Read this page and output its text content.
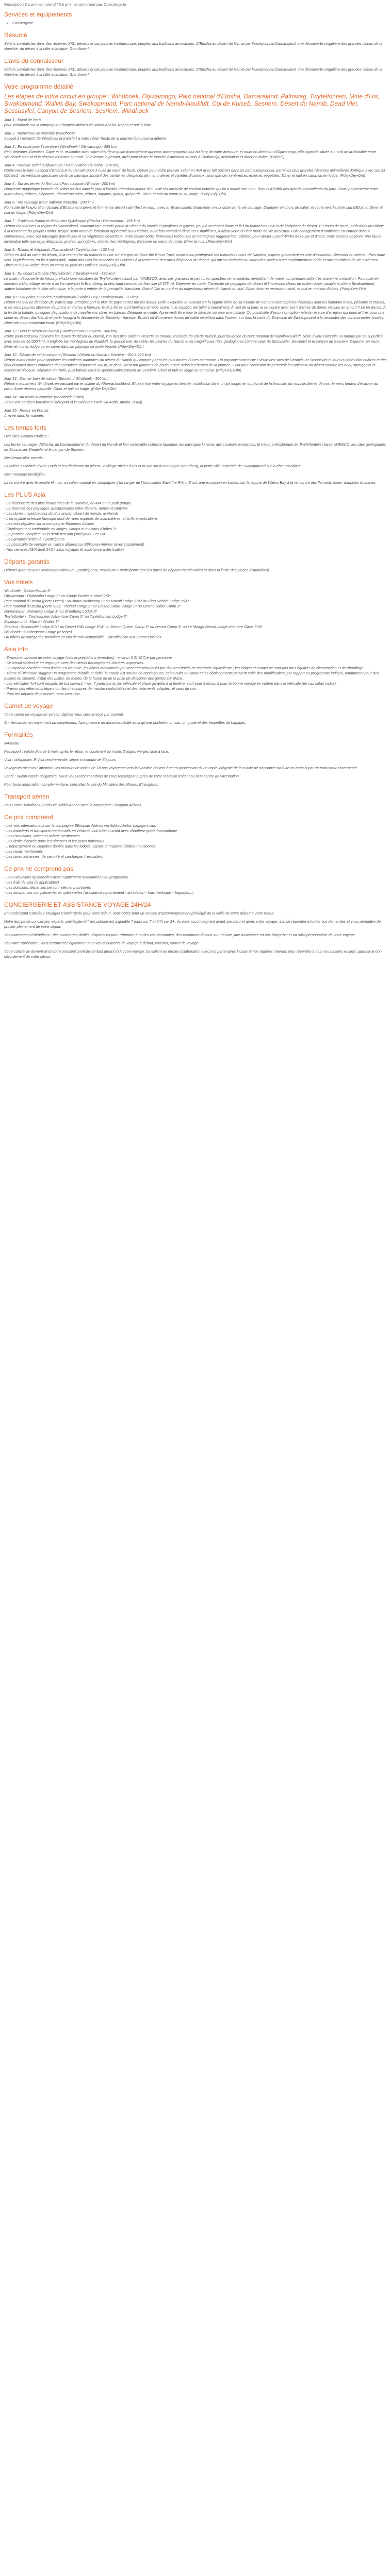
Description Ca prix comprend / Ce prix ne comprend pas Conciergerie
Services et équipements
• Conciergerie
Résumé

Safaris surréalistes dans des réserves XXL, déserts et canyons en kaléidoscope, peuples aux traditions ancestrales. D'Etosha au désert du Namib par l'exceptionnel Damaraland, une découverte singulière des grandes icônes de la Namibie, du désert à la côte atlantique. Grandiose !

L'avis du connaisseur

Safaris surréalistes dans des réserves XXL, déserts et canyons en kaléidoscope, peuples aux traditions ancestrales. D'Etosha au désert du Namib par l'exceptionnel Damaraland, une découverte singulière des grandes icônes de la Namibie, du désert à la côte atlantique. Grandiose !

Votre programme détaillé
Les étapes de votre circuit en groupe : Windhoek, Otjiwarongo, Parc national d'Etosha, Damaraland, Palmwag, Twyfelfontein, Mine d'Uis, Swakopmund, Walvis Bay, Swakopmund, Parc national de Namib-Naukluft, Col de Kuiseb, Sesriem, Désert du Namib, Dead Vlei, Sossusvlei, Canyon de Sesriem, Sesriem, Windhoek
Jour 1 : Envol de Paris
pour Windhoek sur la compagnie Ethiopian Airlines via Addis-Abeba. Repas et nuit à bord.
Jour 2 : Bienvenue en Namibie (Windhoek)
Accueil à l'aéroport de Windhoek et transfert à votre hôtel. Reste de la journée libre pour la détente.
Jour 3 : En route pour l'aventure ! (Windhoek / Otjiwarongo - 295 km)
Petit-déjeuner. Direction, Cape écrit, rencontre avec votre chauffeur-guide francophone qui vous accompagnera tout au long de votre aventure, et route en direction d'Otjiwarongo, ville agricole située au nord de la Namibie entre Windhoek au sud et la réserve d'Etosha au nord. Si le temps le permet, arrêt pour visiter le marché d'artisanat en bois à Okahandja, installation et dîner en lodge. (Pdej+D)
Jour 4 : Premier safari (Otjiwarongo / Parc national d'Etosha - 270 km)
Route vers le parc national d'Etosha le lendemain pour 3 nuits au cœur du bush. Départ pour votre premier safari en 4x4 avec toit ouvrant dans ce parc exceptionnel, parmi les plus grandes réserves animalières d'Afrique avec ses 23 000 km2. Un véritable sanctuaire de la vie sauvage abritant des centaines d'espèces de mammifères et variétés d'oiseaux, ainsi que de nombreuses espèces végétales. Dîner et nuit en camp ou en lodge. (Pdej+Déj+Dîn)
Jour 5 : Sur les terres du Roi Lion (Parc national d'Etosha - 200 km)
Douzième magnifique journée de safari au 4x4 dans le parc d'Etosha retendant autour d'un voile les oasis/de de couleur blanche qui lui a donné son nom. Depuis à l'affût des grands mammifères du parc. Vous y observerez entre autres lions, zèbres, éléphants, rhinocéros noirs, zèbres, impalas, gnous, guépards. Dîner et nuit au camp ou au lodge. (Pdej+Déj+Dîn)
Jour 6 : Vie sauvage (Parc national d'Etosha - 200 km)
Poursuite de l'exploration du parc d'Etosha en travers et l'immense désert salin (fest en eau), avec arrêt aux points d'eau pour mieux observer la vie sauvage. Déjeuner en cours de safari, et route vers la porte sud d'Etosha. Dîner et nuit en lodge. (Pdej+Déj+Dîn)
Jour 7 : Traditions Himba et découvert Spitzkoppe (Etosha / Damaraland - 265 km)
Départ matinal vers la région du Damaraland, couvrant une grande partie du désert du Namib et prolifères et gibiers, peuplé en tenant blanc et fief du rhinocéros noir et de l'éléphant du désert. En cours de route, arrêt dans un village à la rencontre du peuple Himba, peuple semi-nomade fortement apparenté aux Héréros, autrefois nomades éleveurs e mafiflères, à découverte du leur mode de vie ancestral. Puis changement d'ambiance en entrant dans le Damaraland, avec ses paysages grandioses et sa végétation désertique, entre désert aride, formations rocheuses et montagnes ruggeuarites. Célèbre pour abriter Luserir-timbé de rouge et d'ocre, vous pourrez observer une faune incroyable telle que oryx, éléphants, girafes, springboks, zèbres des montagnes. Déjeuner en cours de route. Dîner et nuit. (Pdej+Déj+Dîn)
Jour 8 : Rhinos et éléphants (Damaraland / Twyfelfontein - 130 km)
Safari en 4x4 au cœur du désert, à la recherche du rhinocéros noir sur vtorgne de Save the Rhino Trust, association protégeant les rhinocéros noirs de Namibie, espèce gravement en voie d'extinction. Déjeuner en chemin. Puis route vers Twyfelfontein, en fin d'après-midi, safari dans les lits asséchés des rivières à la recherche des rares éléphants du désert, qui ont su s'adapter au cours des siècles à cet environnement aride et aux conditions de vie extrêmes. Dîner et nuit au lodge dans un camp au pied des collines. (Pdej+Déj+Dîn)
Jour 9 : Du désert à la côte (Twyfelfontein / Swakopmund - 330 km)
Le matin, découverte du trésor préhistorique namibien de Twyfelfontein classé par l'UNESCO, avec ses gravures et peintures rupestres remarquables permettant de mieux comprendre cette très ancienne civilisation. Poursuite en direction d'Uis, village minier d'où l'on aperçoit le Brandberg, la plus haut sommet de Namibie (2 573 m). Déjeuner en route. Traversée de paysages de désert et littorennes chaos de roche rouge, jusqu'à la côte à Swakopmund, station balnéaire de la côte atlantique, à la porte d'entrée de la presqu'île Namibien. Grand Cas au nord et du majestueux désert du Namib au sud. Dîner dans un restaurant local, et nuit en maison d'hôtes. (Pdej+Déj+Dîn)
Jour 10 : Dauphins et otaries (Swakopmund / Walvis Bay / Swakopmund - 70 km)
Départ matinal en direction de Walvis Bay, principal port le plus de pays certes par les dunes. Belle excursion en bateau sur la lagune riche de sa colonie de nombreuses espèces d'oiseaux dont les flamants roses, pélicans et otaries, et où vous pourrez observer dauphins et otaries à fourrure, le plus fières sont familiers et nous avons lu le classico tek (pilot à neuvaines). À l'est de la baie, la rencontre avec ses tranches de dunes visibles en amont ? Lé en dunes. À la fin de la balade, quelques dégustations de marché vos sûres en bateau. Déjeuner en route. Après-midi libre pour le détente, ou pour une balade. Ou possibilité d'excursion optionnelle la réserve d'a région qui pourrait très pour une sortie au désert des Namib et partir lorsqu'à la découverte de Sandwich Harbour. En fort où d'immense dunes de sable se jettent dans l'océan, sur tous la visite du Township de Swakopmund à la rencontre des communautés locales. Dîner dans un restaurant local. (Pdej+Déj+Dîn)
Jour 12 : Vers le désert du Namib (Swakopmund / Sesriem - 360 km)
Route plein sud pour rejoindre les dunes du désert du Namib, l'un des plus anciens déserts au monde. Passage du col de Kuiseb, puis traversée du parc national de Namib-Naukluft. Série rivière naturelle au monde par sa superficie avec près de 50 000 km², il englobe les montagnes du Naukluft, la grande mer de sable, les plaines du Namib et de magnifiques rites géologiques comme ceux de Sossusvlei. Dewbelst et le canyon de Sesriem. Déjeuner en route. Dîner et nuit en lodge ou en camp dans un paysage de toute beauté. (Pdej+Déj+Dîn)
Jour 12 : Désert de sel et canyons (Sesriem / Désert du Namib / Sesriem - 150 à 220 km)
Départ avant l'aube pour apprécier les couleurs matinales du désert du Namib qui compte parmi les plus hautes dunes au monde. Un paysage surréaliste ! Visite des sites de Deadvlei et Sossusvlei et leurs cuvettes blanchâtres et des ébouissantes dunes courbées dont certaines dépassent 300 m, et découvrent par gammes de couleur ocre selon les heures de la journée. Cela pour l'occasion d'apercevoir les animaux du désert comme les oryx, springboks et nombreux oiseaux. Déjeuner en route, puis balade dans le spectaculaire canyon de Sesriem. Dîner et nuit en lodge ou au camp. (Pdej+Déj+Dîn)
Jour 13 : Dernier bain de nature (Sesriem / Windhoek - 360 km)
Retour matinal vers Windhoek en passant par le chaine du Khomashochland. Et pour finir votre voyage en beauté, installation dans un joli lodge, en surplomb de la brousse, où vous profiterez de vos derniers heures d'évasion au cœur d'une réserve naturelle. Dîner et nuit au lodge. (Pdej+Déj+Dîn)
Jour 14 : Au revoir la Namibie (Windhoek / Paris)
Selon vos horaires transfert à l'aéroport et l'envol pour Paris via Addis-Abeba. (Pdej)
Jour 15 : Retour en France
Arrivée dans la matinée.
Les temps forts

Des sites incontournables :

Les terres sauvages d'Etosha, du Damaraland et du désert du Namib et leur incroyable richesse faunique, les paysages lunaires aux couleurs explosives, le trésor préhistorique de Twyfelfontein classé UNESCO, les sites géologiques de Sossusvlei, Deadvlei et le canyon de Sesriem.

Des beaux plus secrets :

La rivière asséchée d'Aba-Huab et les éléphants du désert, le village minier d'Uis et la vue sur la montagne Brandberg, la petite ville balnéaire de Swakopmund sur la côte atlantique.

Des moments privilégiés :

La rencontre avec le peuple Himba, un safari matinal en compagnie d'un ranger de l'association Save the Rhino Trust, une excursion en bateau sur la lagune de Walvis Bay à la rencontre des flamants roses, dauphins et otaries.

Les PLUS Asia

- La découverte des plus beaux sites de la Namibie, en 4x4 et en petit groupe

- La diversité des paysages spectaculaires entre déserts, dunes et canyons

- Les dunes majestueuses du plus ancien désert du monde, le Namib

- L'incroyable richesse faunique dont de rares espèces de mammifères, et la flore particulière.

- Les vols réguliers sur la compagnie Ethiopian Airlines

- Chefiergement confortable en lodges, camps et maisons d'hôtes 3*

- La pension complète ou la demi-pension (sauf jours 2 et 14)

- Les groupes limités à 7 participants

- La possibilité de voyager en classe affaires sur Ethiopian Airlines (avec supplément)

- Nos services ASIA dont 24/24 infos voyages et assistance à destination

Départs garantis

Départs garantis avec seulement minimum 2 participants, maximum 7 participants (sur les dates de départs mentionnées et dans la limite des places disponibles)

Vos hôtels

Windhoek : Galton House 3*

Otjiwarongo : Otjibamba Lodge 3* ou Village Boutique Hotel 2*3*

Parc national d'Etosha (porte Ouest) : Mushara Bushcamp 3* ou Mokuti Lodge 3*/4* ou King Nehale Lodge 3*/4*

Parc national d'Etosha (porte Sud) : Toshari Lodge 3* ou Etosha Safari Village 3* ou Etosha Safari Camp 3*

Damaraland : Palmwag Lodge 3* ou Grootberg Lodge 3*

Twyfelfontein : Twyfelfontein Adventure Camp 3* ou Twyfelfontein Lodge 3*

Swakopmund : Maison d'hôtes 3*

Sesriem : Sossusvlei Lodge 3*/4* ou Desert Hills Lodge 3*/4* ou Desert Quiver Camp 3* ou Desert Camp 3* ou Le Mirage Desert Lodge chambre Oasis 3*/4*

Windhoek : Gocheganas Lodge (réserve)

Ou hôtels de catégories similaires en cas de non disponibilité. Classification aux normes locales.

Asia info

- Emprunte carbone de votre voyage (vols et prestations terrestres) : environ 3,31 tCO₂e par personne.

- Ce circuit s'effectue en regroupé avec des clients francophones d'autres voyagistes.

- La capacité hôtelière étant limitée en Namibie, les hôtels mentionnés peuvent être remplacés par d'autres hôtels de catégorie équivalente ; les lodges et camps ne sont pas tous équipés de climatisation et de chauffage.

- Même si l'itinéraire suggère un programme détaillé et riche, la nature est source de contingence, et les nuits en camp et les déplacements peuvent subir des modifications par rapport au programme indiqué, notamment pour des raisons de sécurité, d'état des pistes, de météo, de la faune ou de la prise de décisions des guides sur place.

- Les véhicules 4x4 sont équipés de toit ouvrant, max. 7 participants par véhicule et place garantie à la fenêtre, sauf pour 8 lorsqu'à pour la bonne voyage en voiture dans le véhicule (en cas safari inclus).

- Prévoir des vêtements légers ou des chaussures de marche confortables et des vêtements adaptés, et ceux du soir.

- Pour les départs de province, nous consulter.

Carnet de voyage

Votre carnet de voyage en version digitale vous sera envoyé par courriel.

Sur demande, et moyennant un supplément, Asia propose un document édité ainsi qu'une pochette, un sac, un guide et des étiquettes de bagages.

Formalités

NAMIBIE

Passeport : valide plus de 6 mois après le retour, et contenant au moins 3 pages vierges face à face.

Visa : obligatoire. E-Visa recommandé, séjour maximum de 30 jours.

Voyageurs mineurs : attention, les mineurs de moins de 18 ans voyageant vers la Namibie doivent être en possession d'une copie intégrale de leur acte de naissance traduite en anglais par un traducteur assermenté.

Santé : aucun vaccin obligatoire. Nous vous recommandons de vous renseigner auprès de votre médecin traitant ou d'un centre de vaccination.

Pour toute information complémentaire, consultez le site du Ministère des Affaires Étrangères.

Transport aérien

Vols Paris / Windhoek / Paris via Addis-Abeba avec la compagnie Ethiopian Airlines.

Ce prix comprend

- Les vols internationaux sur la compagnie Ethiopian Airlines via Addis-Abeba, bagage inclus

- Les transferts et transports mentionnés en véhicule 4x4 à toit ouvrant avec chauffeur-guide francophone

- Les excursions, visites et safaris mentionnés

- Les droits d'entrée dans les réserves et les parcs nationaux

- L'hébergement en chambre double dans les lodges, camps et maisons d'hôtes mentionnés

- Les repas mentionnés

- Les taxes aériennes, de sécurité et surcharges (révisables)

Ce prix ne comprend pas

- Les excursions optionnelles avec supplément mentionnées au programme

- Les frais de visa (si applicables)

- Les boissons, dépenses personnelles et pourboires

- Les assurances complémentaires optionnelles (assistance rapatriement - annulation - frais médicaux - bagages...)

CONCIERGERIE ET ASSISTANCE VOYAGE 24H/24

En choisissant Carrefour Voyages Conciergerie pour votre séjour, vous optez pour un service d'accompagnement privilégié de la veille de votre départ à votre retour.

Notre équipe de concierges, experts, privilégiée et francophone est joignable 7 jours sur 7 et 24h sur 24 : ils vous accompagnent avant, pendant et après votre voyage, afin de répondre à toutes vos demandes et vous permettre de profiter pleinement de votre séjour.

Vos avantages et bénéfices : des concierges dédiés, disponibles pour répondre à toutes vos demandes, des recommandations sur mesure, une assistance en cas d'imprévu et un suivi personnalisé de votre voyage.

Vos votre application, vous retrouverez également tous vos documents de voyage à défaut, voucher, carnet de voyage...

Votre concierge devient ainsi votre principal point de contact durant tout votre voyage, travaillant en étroite collaboration avec nos partenaires locaux et nos équipes internes pour répondre à tous vos besoins et ainsi, garantir le bon déroulement de votre séjour.
